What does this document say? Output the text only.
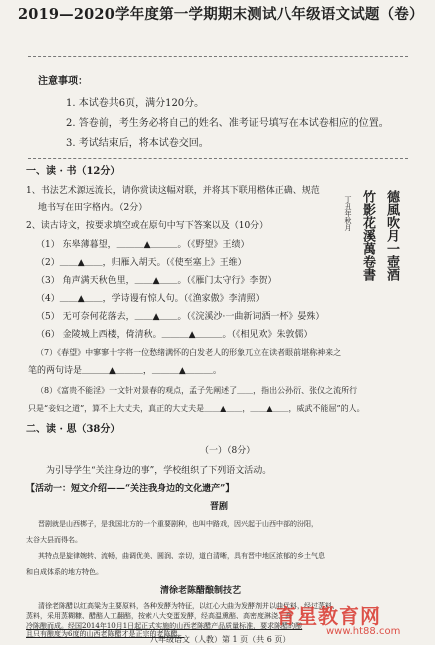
2019—2020学年度第一学期期末测试八年级语文试题（卷）
注意事项：
1. 本试卷共6页，满分120分。
2. 答卷前，考生务必将自己的姓名、准考证号填写在本试卷相应的位置。
3. 考试结束后，将本试卷交回。
一、读 · 书（12分）
1、书法艺术源远流长，请你赏读这幅对联，并将其下联用楷体正确、规范
地书写在田字格内。（2分）
2、读古诗文，按要求填空或在原句中写下答案以及（10分）
（1） 东皋薄暮望，＿＿＿▲＿＿＿。（《野望》王绩）
（2）＿＿▲＿＿，归雁入胡天。（《使至塞上》王维）
（3） 角声满天秋色里，＿＿▲＿＿。（《雁门太守行》李贺）
（4）＿＿▲＿＿，学诗谩有惊人句。（《渔家傲》李清照）
（5） 无可奈何花落去，＿＿▲＿＿。（《浣溪沙·一曲新词酒一杯》晏殊）
（6） 金陵城上西楼，倚清秋。＿＿＿▲＿＿＿。（《相见欢》朱敦儒）
（7）《春望》中寥寥十字将一位愁绪满怀的白发老人的形象兀立在读者眼前堪称神来之
笔的两句诗是＿＿＿▲＿＿＿，＿＿＿▲＿＿＿。
（8）《富贵不能淫》一文针对景春的观点，孟子先阐述了＿＿，指出公孙衍、张仪之流所行
只是“妾妇之道”，算不上大丈夫，真正的大丈夫是＿＿▲＿＿，＿＿▲＿＿，威武不能屈”的人。
德風吹月一壺酒
竹影花溪萬卷書
丁丑年秋月
二、读 · 思（38分）
（一）（8分）
为引导学生“关注身边的事”，学校组织了下列语文活动。
【活动一：短文介绍——“关注我身边的文化遗产”】
晋剧
晋剧就是山西梆子，是我国北方的一个重要剧种，也叫中路戏，因兴起于山西中部的汾阳，
太谷大县而得名。
其特点是旋律婉转、流畅，曲调优美、圆润、亲切，道白清晰，具有晋中地区浓郁的乡土气息
和自成体系的地方特色。
清徐老陈醋酿制技艺
清徐老陈醋以红高粱为主要原料，各种发酵为特征，以红心大曲为发酵剂并以曲代料，经过蒸料、
蒸料，采用蒸糊糠、醋醅人工翻醅，按索八大变蛋发酵，经高温熏醅、高密度淋浇、高
冷陈酿而成。经国2014年10月1日起正式实施的山西老陈醋产品质量标准，要求陈醋的酿
且只有酿度为6度的山西老陈醋才是正宗的老陈醋。
八年级语文（人教）第 1 页（共 6 页）
育星教育网
www.ht88.com
